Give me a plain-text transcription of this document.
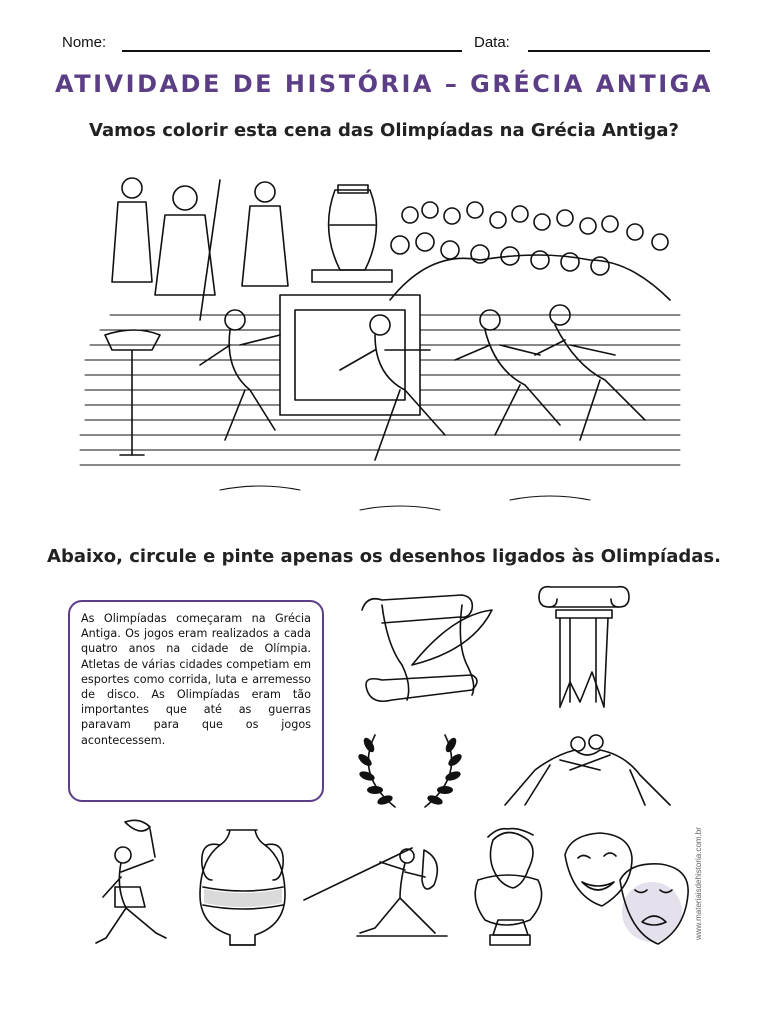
Nome:	Data:
ATIVIDADE DE HISTÓRIA – GRÉCIA ANTIGA
Vamos colorir esta cena das Olimpíadas na Grécia Antiga?
Abaixo, circule e pinte apenas os desenhos ligados às Olimpíadas.
As Olimpíadas começaram na Grécia Antiga. Os jogos eram realizados a cada quatro anos na cidade de Olímpia. Atletas de várias cidades competiam em esportes como corrida, luta e arremesso de disco. As Olimpíadas eram tão importantes que até as guerras paravam para que os jogos acontecessem.
www.materiaisdehistoria.com.br
